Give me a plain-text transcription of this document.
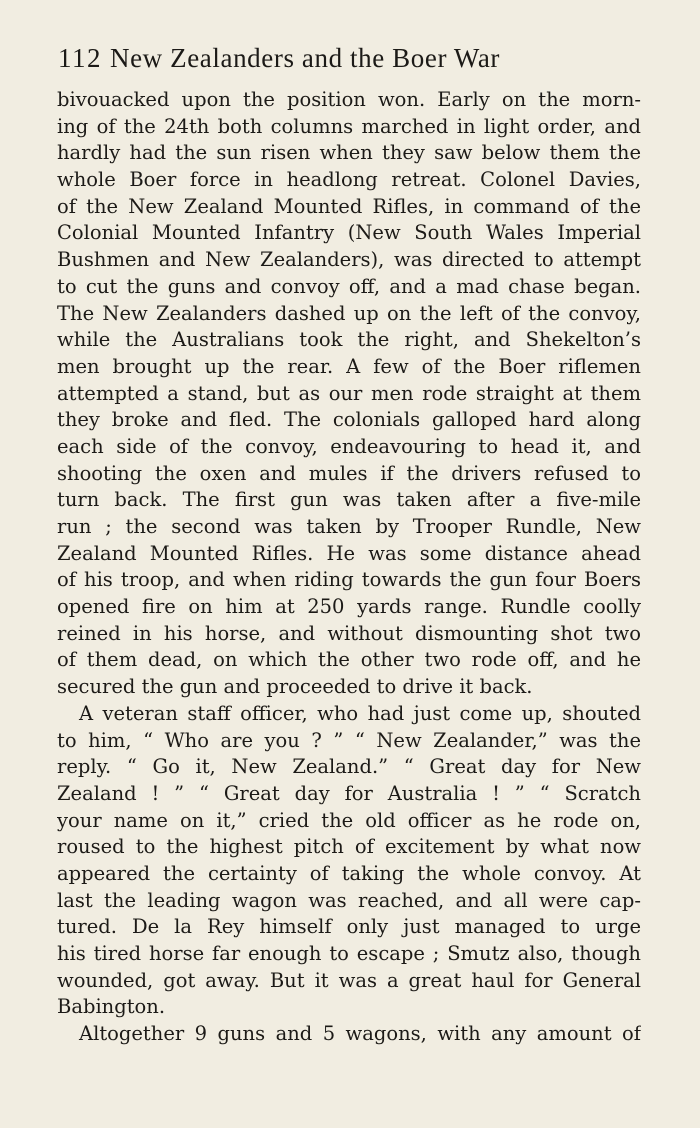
112 New Zealanders and the Boer War
bivouacked upon the position won. Early on the morn-
ing of the 24th both columns marched in light order, and
hardly had the sun risen when they saw below them the
whole Boer force in headlong retreat. Colonel Davies,
of the New Zealand Mounted Rifles, in command of the
Colonial Mounted Infantry (New South Wales Imperial
Bushmen and New Zealanders), was directed to attempt
to cut the guns and convoy off, and a mad chase began.
The New Zealanders dashed up on the left of the convoy,
while the Australians took the right, and Shekelton’s
men brought up the rear. A few of the Boer riflemen
attempted a stand, but as our men rode straight at them
they broke and fled. The colonials galloped hard along
each side of the convoy, endeavouring to head it, and
shooting the oxen and mules if the drivers refused to
turn back. The first gun was taken after a five-mile
run ; the second was taken by Trooper Rundle, New
Zealand Mounted Rifles. He was some distance ahead
of his troop, and when riding towards the gun four Boers
opened fire on him at 250 yards range. Rundle coolly
reined in his horse, and without dismounting shot two
of them dead, on which the other two rode off, and he
secured the gun and proceeded to drive it back.
A veteran staff officer, who had just come up, shouted
to him, “ Who are you ? ” “ New Zealander,” was the
reply. “ Go it, New Zealand.” “ Great day for New
Zealand ! ” “ Great day for Australia ! ” “ Scratch
your name on it,” cried the old officer as he rode on,
roused to the highest pitch of excitement by what now
appeared the certainty of taking the whole convoy. At
last the leading wagon was reached, and all were cap-
tured. De la Rey himself only just managed to urge
his tired horse far enough to escape ; Smutz also, though
wounded, got away. But it was a great haul for General
Babington.
Altogether 9 guns and 5 wagons, with any amount of
